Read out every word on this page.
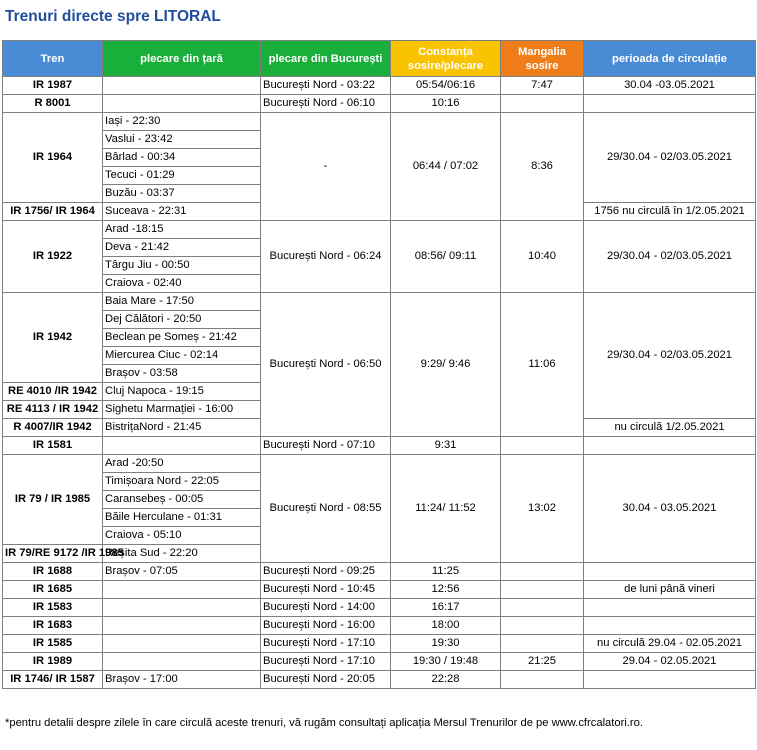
Trenuri directe spre LITORAL
Tren	plecare din țară	plecare din București	Constanța sosire/plecare	Mangalia sosire	perioada de circulație
IR 1987		București Nord - 03:22	05:54/06:16	7:47	30.04 -03.05.2021
R 8001		București Nord - 06:10	10:16		
IR 1964	Iași - 22:30	-	06:44 / 07:02	8:36	29/30.04 - 02/03.05.2021
	Vaslui - 23:42				
	Bârlad - 00:34				
	Tecuci - 01:29				
	Buzău - 03:37				
IR 1756/ IR 1964	Suceava - 22:31				1756 nu circulă în 1/2.05.2021
IR 1922	Arad -18:15	București Nord - 06:24	08:56/ 09:11	10:40	29/30.04 - 02/03.05.2021
	Deva - 21:42				
	Târgu Jiu - 00:50				
	Craiova - 02:40				
IR 1942	Baia Mare - 17:50	București Nord - 06:50	9:29/ 9:46	11:06	29/30.04 - 02/03.05.2021
	Dej Călători - 20:50				
	Beclean pe Someș - 21:42				
	Miercurea Ciuc - 02:14				
	Brașov - 03:58				
RE 4010 /IR 1942	Cluj Napoca - 19:15				
RE 4113 / IR 1942	Sighetu Marmației - 16:00				
R 4007/IR 1942	BistrițaNord - 21:45				nu circulă 1/2.05.2021
IR 1581		București Nord - 07:10	9:31		
IR 79 / IR 1985	Arad -20:50	București Nord - 08:55	11:24/ 11:52	13:02	30.04 - 03.05.2021
	Timișoara Nord - 22:05				
	Caransebeș - 00:05				
	Băile Herculane - 01:31				
	Craiova - 05:10				
IR 79/RE 9172 /IR 1985	Reșita Sud - 22:20				

IR 1688	Brașov - 07:05	București Nord - 09:25	11:25		
IR 1685		București Nord - 10:45	12:56		de luni până vineri
IR 1583		București Nord - 14:00	16:17		
IR 1683		București Nord - 16:00	18:00		
IR 1585		București Nord - 17:10	19:30		nu circulă 29.04 - 02.05.2021
IR 1989		București Nord - 17:10	19:30 / 19:48	21:25	29.04 - 02.05.2021
IR 1746/ IR 1587	Brașov - 17:00	București Nord - 20:05	22:28		
*pentru detalii despre zilele în care circulă aceste trenuri, vă rugăm consultați aplicația Mersul Trenurilor de pe www.cfrcalatori.ro.
